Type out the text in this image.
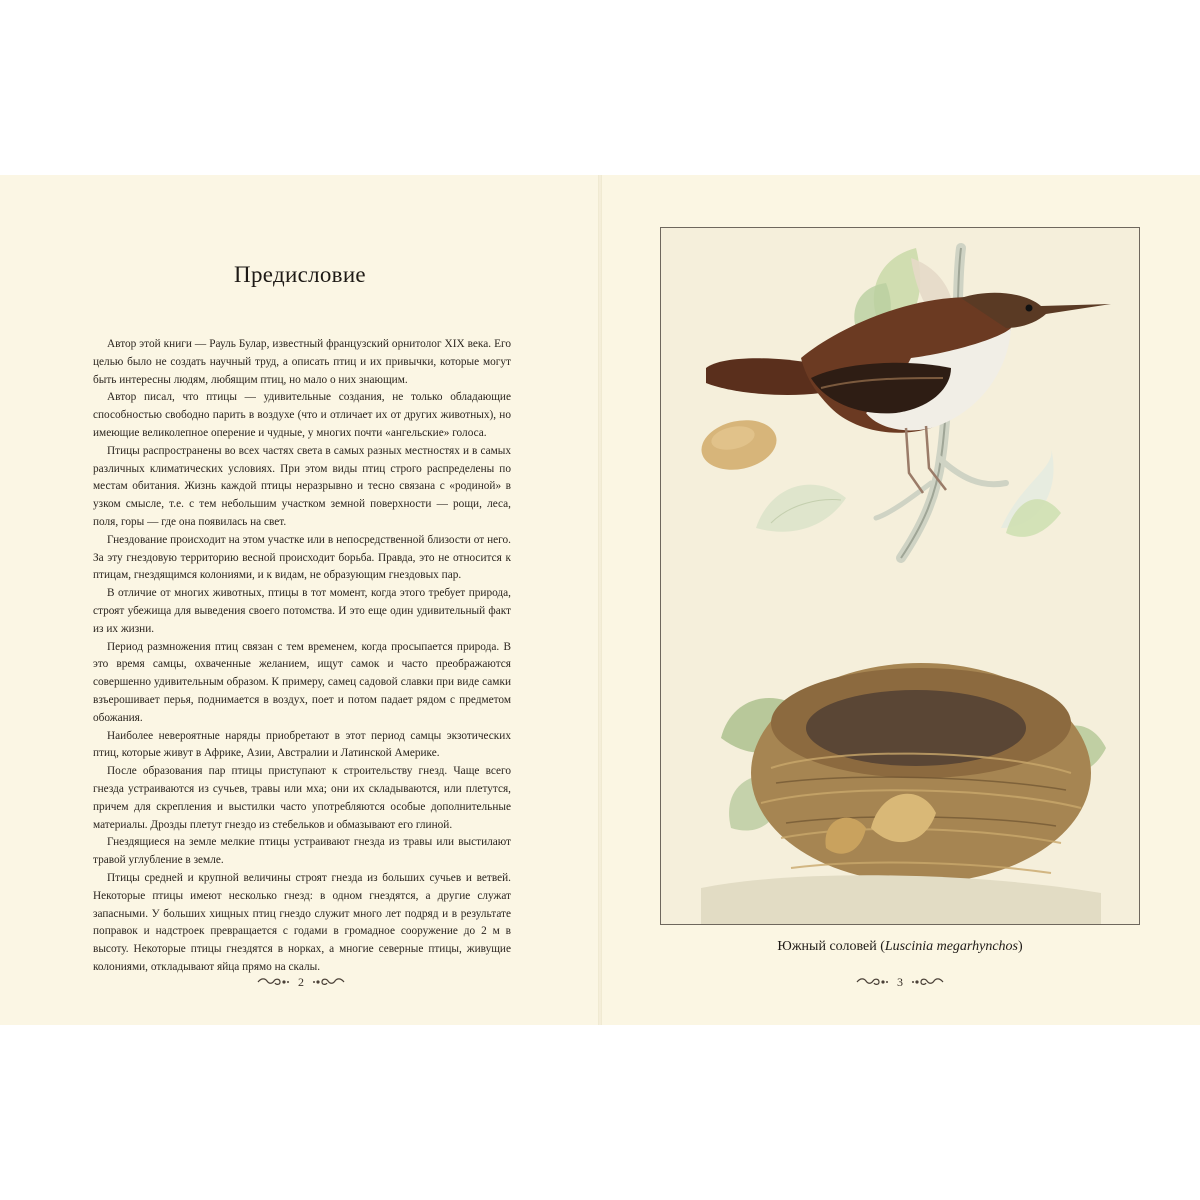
Предисловие

Автор этой книги — Рауль Булар, известный французский орнитолог XIX века. Его целью было не создать научный труд, а описать птиц и их привычки, которые могут быть интересны людям, любящим птиц, но мало о них знающим.

Автор писал, что птицы — удивительные создания, не только обладающие способностью свободно парить в воздухе (что и отличает их от других животных), но имеющие великолепное оперение и чудные, у многих почти «ангельские» голоса.

Птицы распространены во всех частях света в самых разных местностях и в самых различных климатических условиях. При этом виды птиц строго распределены по местам обитания. Жизнь каждой птицы неразрывно и тесно связана с «родиной» в узком смысле, т.е. с тем небольшим участком земной поверхности — рощи, леса, поля, горы — где она появилась на свет.

Гнездование происходит на этом участке или в непосредственной близости от него. За эту гнездовую территорию весной происходит борьба. Правда, это не относится к птицам, гнездящимся колониями, и к видам, не образующим гнездовых пар.

В отличие от многих животных, птицы в тот момент, когда этого требует природа, строят убежища для выведения своего потомства. И это еще один удивительный факт из их жизни.

Период размножения птиц связан с тем временем, когда просыпается природа. В это время самцы, охваченные желанием, ищут самок и часто преображаются совершенно удивительным образом. К примеру, самец садовой славки при виде самки взъерошивает перья, поднимается в воздух, поет и потом падает рядом с предметом обожания.

Наиболее невероятные наряды приобретают в этот период самцы экзотических птиц, которые живут в Африке, Азии, Австралии и Латинской Америке.

После образования пар птицы приступают к строительству гнезд. Чаще всего гнезда устраиваются из сучьев, травы или мха; они их складываются, или плетутся, причем для скрепления и выстилки часто употребляются особые дополнительные материалы. Дрозды плетут гнездо из стебельков и обмазывают его глиной.

Гнездящиеся на земле мелкие птицы устраивают гнезда из травы или выстилают травой углубление в земле.

Птицы средней и крупной величины строят гнезда из больших сучьев и ветвей. Некоторые птицы имеют несколько гнезд: в одном гнездятся, а другие служат запасными. У больших хищных птиц гнездо служит много лет подряд и в результате поправок и надстроек превращается с годами в громадное сооружение до 2 м в высоту. Некоторые птицы гнездятся в норках, а многие северные птицы, живущие колониями, откладывают яйца прямо на скалы.

2	3
Южный соловей (Luscinia megarhynchos)
